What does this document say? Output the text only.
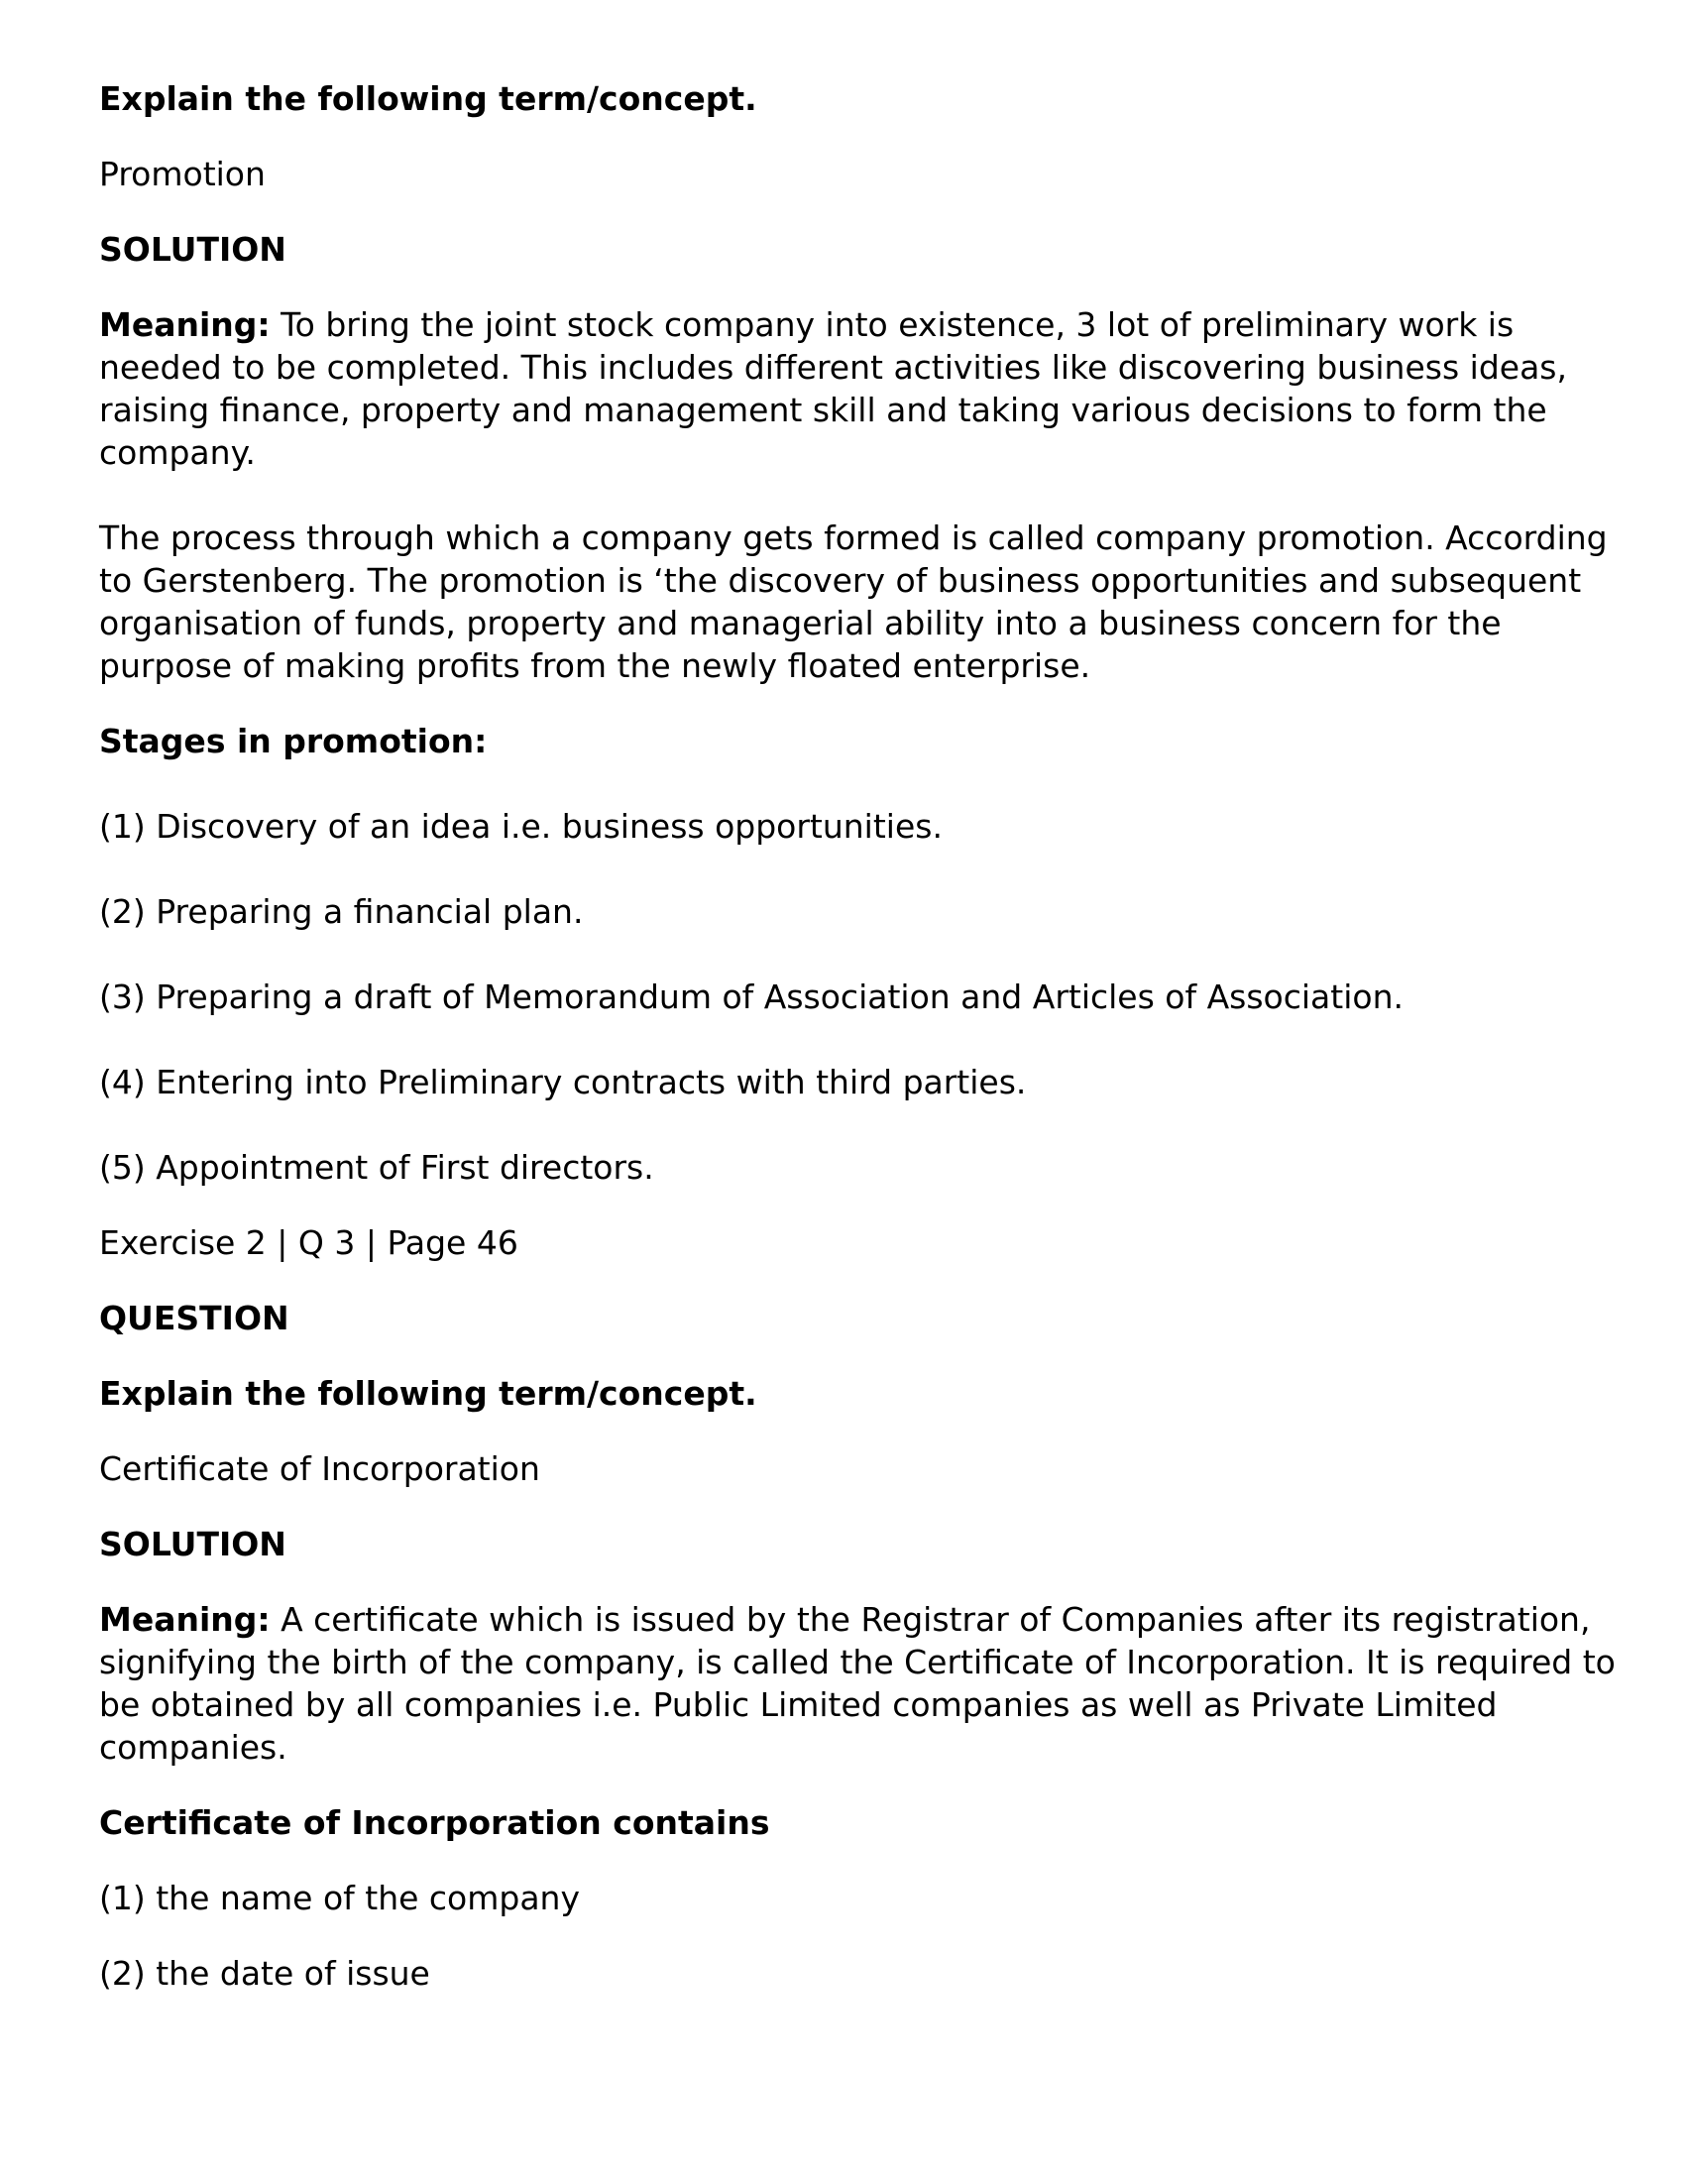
Explain the following term/concept.
Promotion
SOLUTION
Meaning: To bring the joint stock company into existence, 3 lot of preliminary work is needed to be completed. This includes different activities like discovering business ideas, raising finance, property and management skill and taking various decisions to form the company.
The process through which a company gets formed is called company promotion. According to Gerstenberg. The promotion is ‘the discovery of business opportunities and subsequent organisation of funds, property and managerial ability into a business concern for the purpose of making profits from the newly floated enterprise.
Stages in promotion:
(1) Discovery of an idea i.e. business opportunities.
(2) Preparing a financial plan.
(3) Preparing a draft of Memorandum of Association and Articles of Association.
(4) Entering into Preliminary contracts with third parties.
(5) Appointment of First directors.
Exercise 2 | Q 3 | Page 46
QUESTION
Explain the following term/concept.
Certificate of Incorporation
SOLUTION
Meaning: A certificate which is issued by the Registrar of Companies after its registration, signifying the birth of the company, is called the Certificate of Incorporation. It is required to be obtained by all companies i.e. Public Limited companies as well as Private Limited companies.
Certificate of Incorporation contains
(1) the name of the company
(2) the date of issue
